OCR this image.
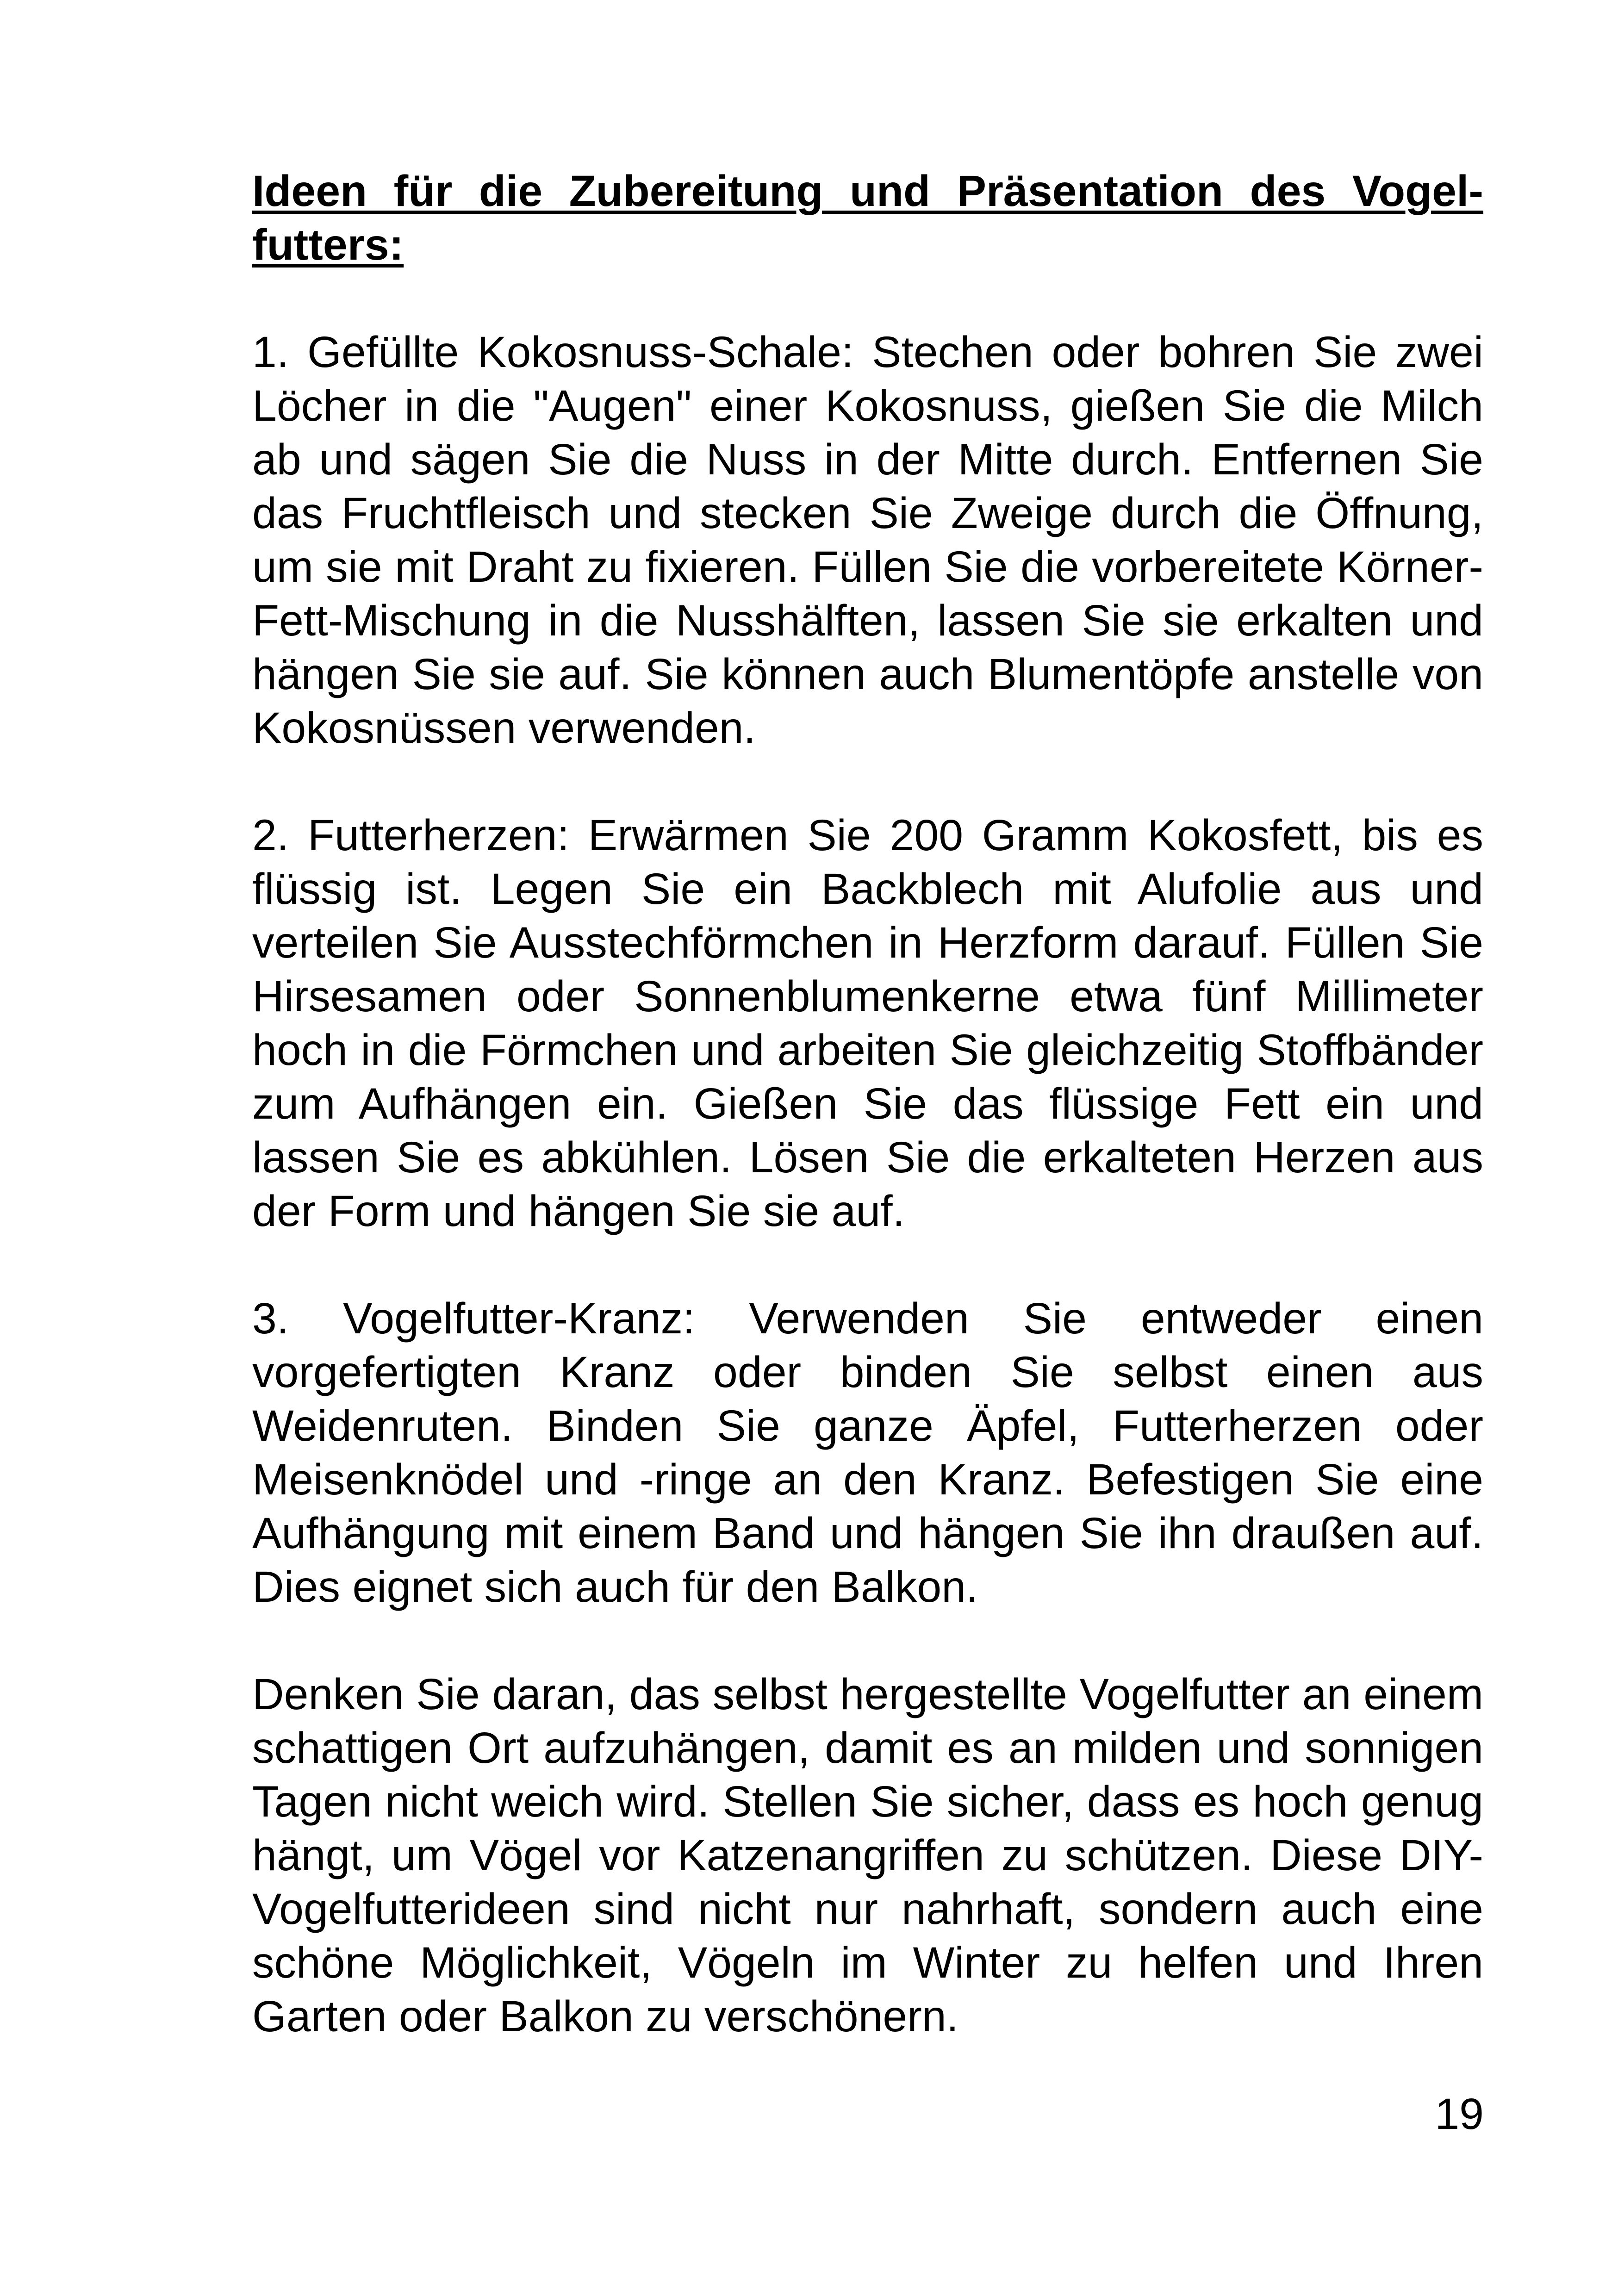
Ideen für die Zubereitung und Präsentation des Vogel-futters:

1. Gefüllte Kokosnuss-Schale: Stechen oder bohren Sie zwei Löcher in die "Augen" einer Kokosnuss, gießen Sie die Milch ab und sägen Sie die Nuss in der Mitte durch. Entfernen Sie das Fruchtfleisch und stecken Sie Zweige durch die Öffnung, um sie mit Draht zu fixieren. Füllen Sie die vorbereitete Körner-Fett-Mischung in die Nusshälften, lassen Sie sie erkalten und hängen Sie sie auf. Sie können auch Blumentöpfe anstelle von Kokosnüssen verwenden.

2. Futterherzen: Erwärmen Sie 200 Gramm Kokosfett, bis es flüssig ist. Legen Sie ein Backblech mit Alufolie aus und verteilen Sie Ausstechförmchen in Herzform darauf. Füllen Sie Hirsesamen oder Sonnenblumenkerne etwa fünf Millimeter hoch in die Förmchen und arbeiten Sie gleichzeitig Stoffbänder zum Aufhängen ein. Gießen Sie das flüssige Fett ein und lassen Sie es abkühlen. Lösen Sie die erkalteten Herzen aus der Form und hängen Sie sie auf.

3. Vogelfutter-Kranz: Verwenden Sie entweder einen vorgefertigten Kranz oder binden Sie selbst einen aus Weidenruten. Binden Sie ganze Äpfel, Futterherzen oder Meisenknödel und -ringe an den Kranz. Befestigen Sie eine Aufhängung mit einem Band und hängen Sie ihn draußen auf. Dies eignet sich auch für den Balkon.

Denken Sie daran, das selbst hergestellte Vogelfutter an einem schattigen Ort aufzuhängen, damit es an milden und sonnigen Tagen nicht weich wird. Stellen Sie sicher, dass es hoch genug hängt, um Vögel vor Katzenangriffen zu schützen. Diese DIY-Vogelfutterideen sind nicht nur nahrhaft, sondern auch eine schöne Möglichkeit, Vögeln im Winter zu helfen und Ihren Garten oder Balkon zu verschönern.

19
